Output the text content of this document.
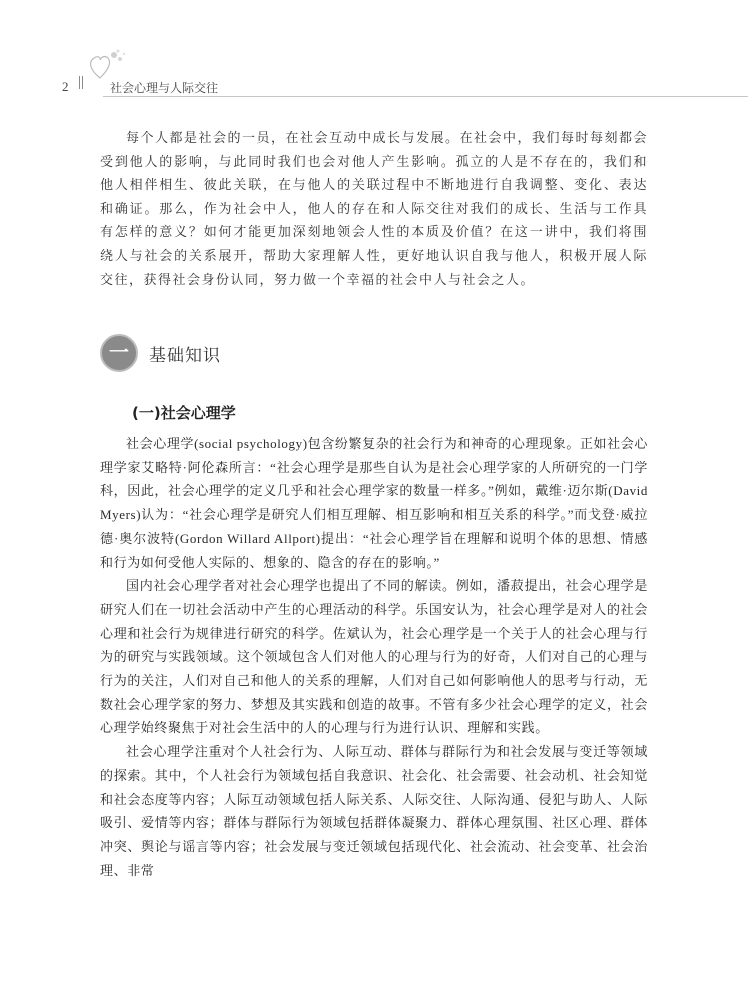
2 || 社会心理与人际交往

每个人都是社会的一员，在社会互动中成长与发展。在社会中，我们每时每刻都会受到他人的影响，与此同时我们也会对他人产生影响。孤立的人是不存在的，我们和他人相伴相生、彼此关联，在与他人的关联过程中不断地进行自我调整、变化、表达和确证。那么，作为社会中人，他人的存在和人际交往对我们的成长、生活与工作具有怎样的意义？如何才能更加深刻地领会人性的本质及价值？在这一讲中，我们将围绕人与社会的关系展开，帮助大家理解人性，更好地认识自我与他人，积极开展人际交往，获得社会身份认同，努力做一个幸福的社会中人与社会之人。

一	基础知识
(一)社会心理学

社会心理学(social psychology)包含纷繁复杂的社会行为和神奇的心理现象。正如社会心理学家艾略特·阿伦森所言：“社会心理学是那些自认为是社会心理学家的人所研究的一门学科，因此，社会心理学的定义几乎和社会心理学家的数量一样多。”例如，戴维·迈尔斯(David Myers)认为：“社会心理学是研究人们相互理解、相互影响和相互关系的科学。”而戈登·威拉德·奥尔波特(Gordon Willard Allport)提出：“社会心理学旨在理解和说明个体的思想、情感和行为如何受他人实际的、想象的、隐含的存在的影响。”

国内社会心理学者对社会心理学也提出了不同的解读。例如，潘菽提出，社会心理学是研究人们在一切社会活动中产生的心理活动的科学。乐国安认为，社会心理学是对人的社会心理和社会行为规律进行研究的科学。佐斌认为，社会心理学是一个关于人的社会心理与行为的研究与实践领域。这个领域包含人们对他人的心理与行为的好奇，人们对自己的心理与行为的关注，人们对自己和他人的关系的理解，人们对自己如何影响他人的思考与行动，无数社会心理学家的努力、梦想及其实践和创造的故事。不管有多少社会心理学的定义，社会心理学始终聚焦于对社会生活中的人的心理与行为进行认识、理解和实践。

社会心理学注重对个人社会行为、人际互动、群体与群际行为和社会发展与变迁等领域的探索。其中，个人社会行为领域包括自我意识、社会化、社会需要、社会动机、社会知觉和社会态度等内容；人际互动领域包括人际关系、人际交往、人际沟通、侵犯与助人、人际吸引、爱情等内容；群体与群际行为领域包括群体凝聚力、群体心理氛围、社区心理、群体冲突、舆论与谣言等内容；社会发展与变迁领域包括现代化、社会流动、社会变革、社会治理、非常
